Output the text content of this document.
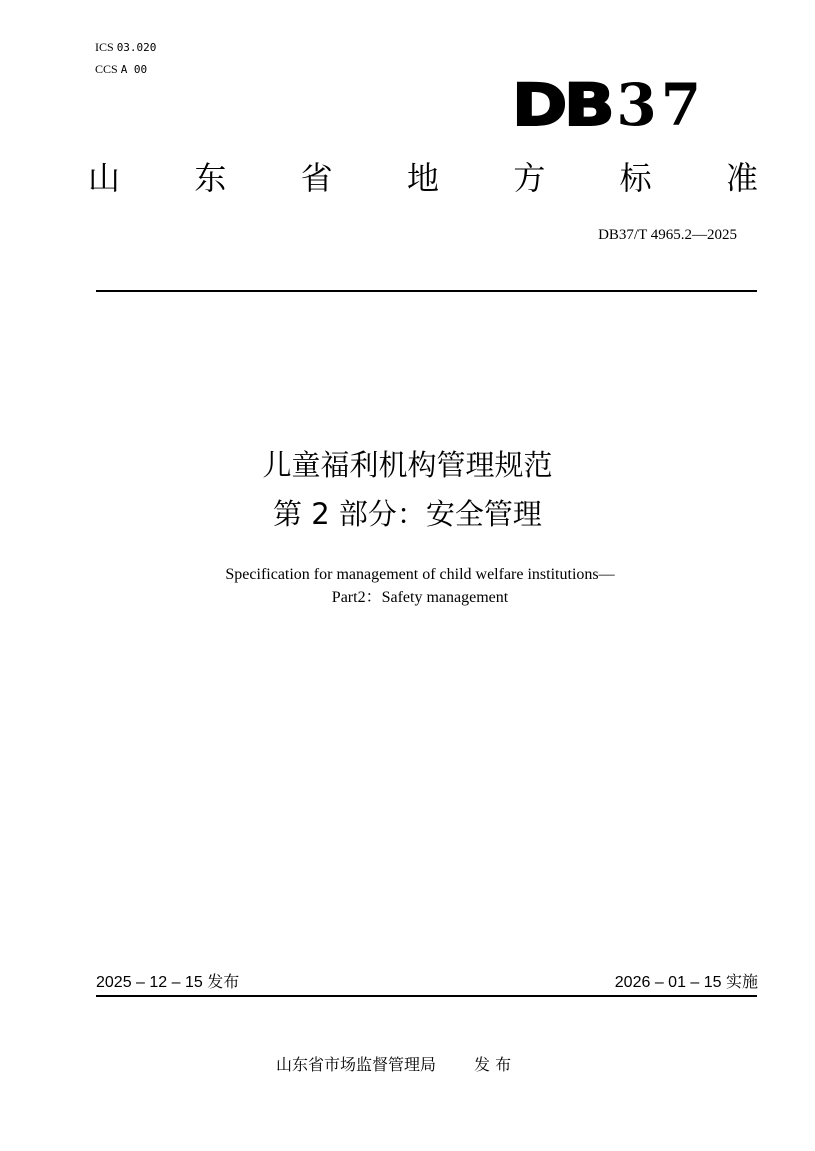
ICS 03.020
CCS A 00
DB 37
山 东 省 地 方 标 准
DB37/T 4965.2—2025
儿童福利机构管理规范
第 2 部分：安全管理
Specification for management of child welfare institutions—
Part2：Safety management
2025 – 12 – 15 发布	2026 – 01 – 15 实施
山东省市场监督管理局 发 布
